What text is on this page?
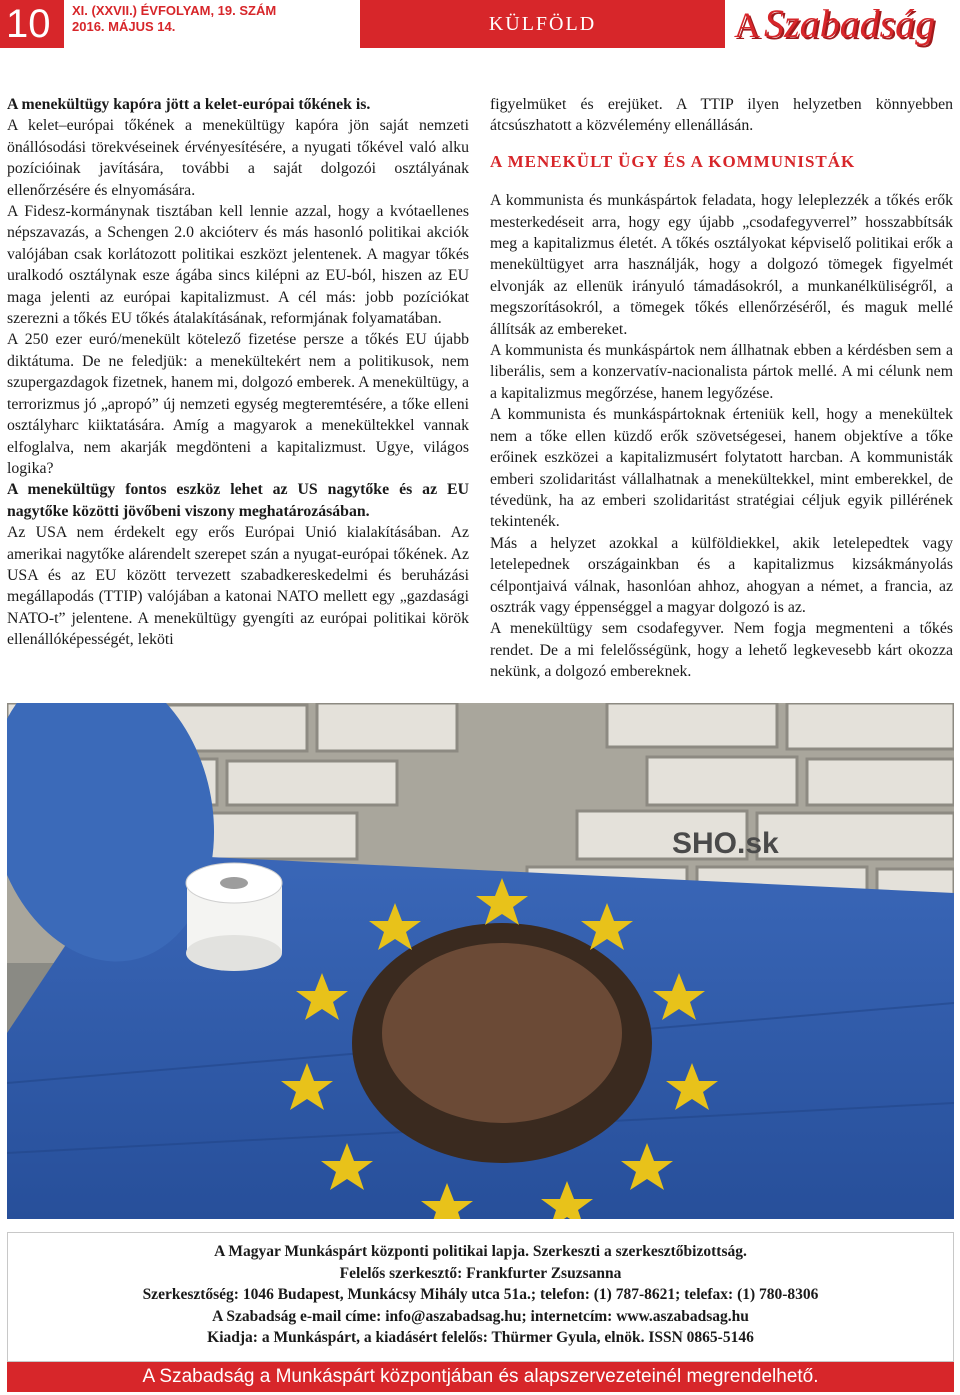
10	XI. (XXVII.) ÉVFOLYAM, 19. SZÁM
2016. MÁJUS 14.	KÜLFÖLD	A Szabadság

A menekültügy kapóra jött a kelet-európai tőkének is.

A kelet–európai tőkének a menekültügy kapóra jön saját nemzeti önállósodási törekvéseinek érvényesítésére, a nyugati tőkével való alku pozícióinak javítására, további a saját dolgozói osztályának ellenőrzésére és elnyomására.

A Fidesz-kormánynak tisztában kell lennie azzal, hogy a kvótaellenes népszavazás, a Schengen 2.0 akcióterv és más hasonló politikai akciók valójában csak korlátozott politikai eszközt jelentenek. A magyar tőkés uralkodó osztálynak esze ágába sincs kilépni az EU-ból, hiszen az EU maga jelenti az európai kapitalizmust. A cél más: jobb pozíciókat szerezni a tőkés EU tőkés átalakításának, reformjának folyamatában.

A 250 ezer euró/menekült kötelező fizetése persze a tőkés EU újabb diktátuma. De ne feledjük: a menekültekért nem a politikusok, nem szupergazdagok fizetnek, hanem mi, dolgozó emberek. A menekültügy, a terrorizmus jó „apropó” új nemzeti egység megteremtésére, a tőke elleni osztályharc kiiktatására. Amíg a magyarok a menekültekkel vannak elfoglalva, nem akarják megdönteni a kapitalizmust. Ugye, világos logika?

A menekültügy fontos eszköz lehet az US nagytőke és az EU nagytőke közötti jövőbeni viszony meghatározásában.

Az USA nem érdekelt egy erős Európai Unió kialakításában. Az amerikai nagytőke alárendelt szerepet szán a nyugat-európai tőkének. Az USA és az EU között tervezett szabadkereskedelmi és beruházási megállapodás (TTIP) valójában a katonai NATO mellett egy „gazdasági NATO-t” jelentene. A menekültügy gyengíti az európai politikai körök ellenállóképességét, leköti

figyelmüket és erejüket. A TTIP ilyen helyzetben könnyebben átcsúszhatott a közvélemény ellenállásán.

A MENEKÜLT ÜGY ÉS A KOMMUNISTÁK

A kommunista és munkáspártok feladata, hogy leleplezzék a tőkés erők mesterkedéseit arra, hogy egy újabb „csodafegyverrel” hosszabbítsák meg a kapitalizmus életét. A tőkés osztályokat képviselő politikai erők a menekültügyet arra használják, hogy a dolgozó tömegek figyelmét elvonják az ellenük irányuló támadásokról, a munkanélküliségről, a megszorításokról, a tömegek tőkés ellenőrzéséről, és maguk mellé állítsák az embereket.

A kommunista és munkáspártok nem állhatnak ebben a kérdésben sem a liberális, sem a konzervatív-nacionalista pártok mellé. A mi célunk nem a kapitalizmus megőrzése, hanem legyőzése.

A kommunista és munkáspártoknak érteniük kell, hogy a menekültek nem a tőke ellen küzdő erők szövetségesei, hanem objektíve a tőke erőinek eszközei a kapitalizmusért folytatott harcban. A kommunisták emberi szolidaritást vállalhatnak a menekültekkel, mint emberekkel, de tévedünk, ha az emberi szolidaritást stratégiai céljuk egyik pillérének tekintenék.

Más a helyzet azokkal a külföldiekkel, akik letelepedtek vagy letelepednek országainkban és a kapitalizmus kizsákmányolás célpontjaivá válnak, hasonlóan ahhoz, ahogyan a német, a francia, az osztrák vagy éppenséggel a magyar dolgozó is az.

A menekültügy sem csodafegyver. Nem fogja megmenteni a tőkés rendet. De a mi felelősségünk, hogy a lehető legkevesebb kárt okozza nekünk, a dolgozó embereknek.

SHO.sk
A Magyar Munkáspárt központi politikai lapja. Szerkeszti a szerkesztőbizottság.
Felelős szerkesztő: Frankfurter Zsuzsanna
Szerkesztőség: 1046 Budapest, Munkácsy Mihály utca 51a.; telefon: (1) 787-8621; telefax: (1) 780-8306
A Szabadság e-mail címe: info@aszabadsag.hu; internetcím: www.aszabadsag.hu
Kiadja: a Munkáspárt, a kiadásért felelős: Thürmer Gyula, elnök. ISSN 0865-5146
A Szabadság a Munkáspárt központjában és alapszervezeteinél megrendelhető.
